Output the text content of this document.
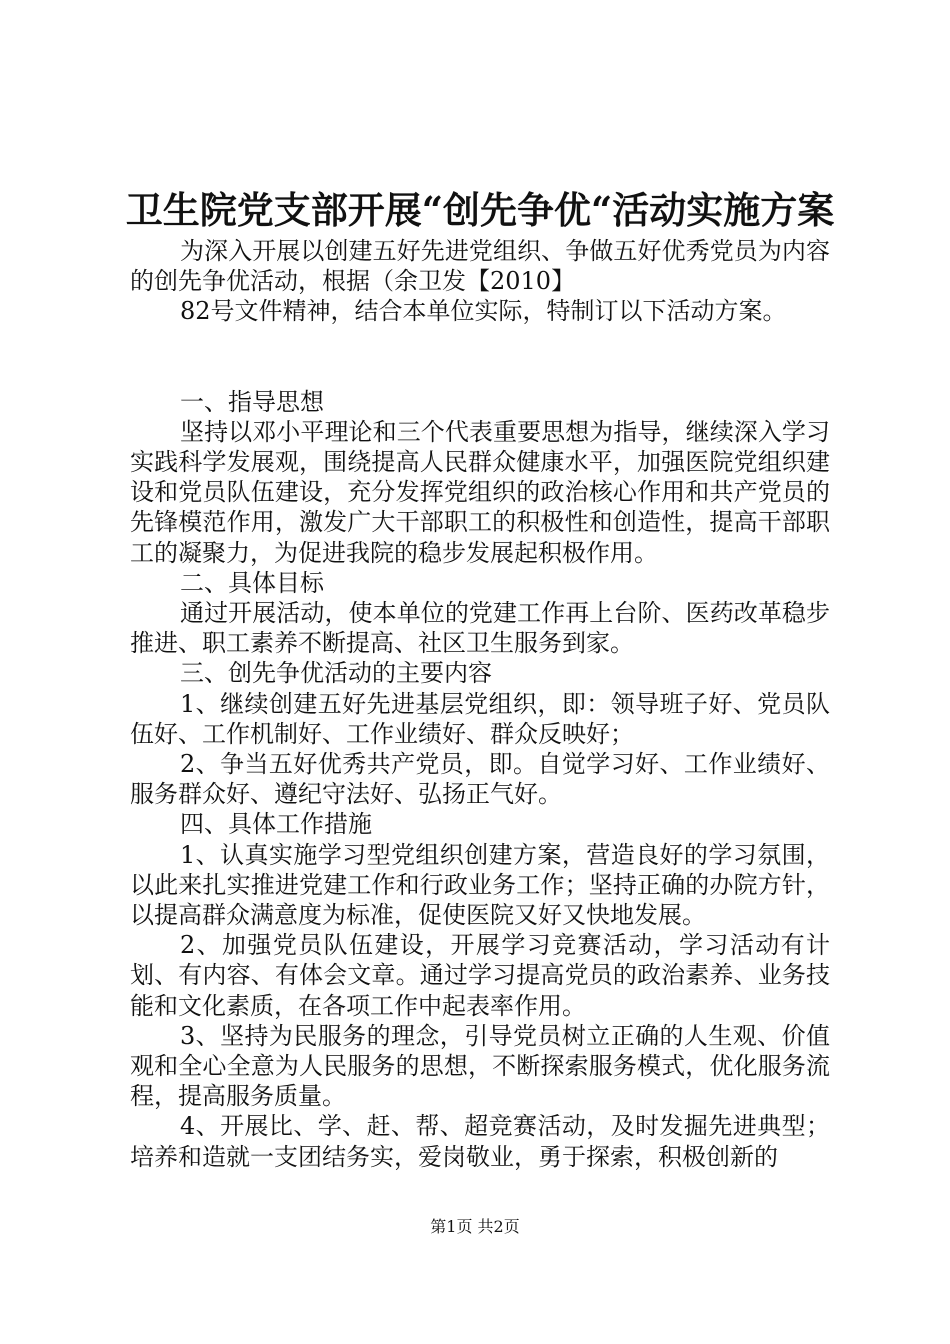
卫生院党支部开展“创先争优“活动实施方案

为深入开展以创建五好先进党组织、争做五好优秀党员为内容的创先争优活动，根据（余卫发【2010】

82号文件精神，结合本单位实际，特制订以下活动方案。

一、指导思想

坚持以邓小平理论和三个代表重要思想为指导，继续深入学习实践科学发展观，围绕提高人民群众健康水平，加强医院党组织建设和党员队伍建设，充分发挥党组织的政治核心作用和共产党员的先锋模范作用，激发广大干部职工的积极性和创造性，提高干部职工的凝聚力，为促进我院的稳步发展起积极作用。

二、具体目标

通过开展活动，使本单位的党建工作再上台阶、医药改革稳步推进、职工素养不断提高、社区卫生服务到家。

三、创先争优活动的主要内容

1、继续创建五好先进基层党组织，即：领导班子好、党员队伍好、工作机制好、工作业绩好、群众反映好；

2、争当五好优秀共产党员，即。自觉学习好、工作业绩好、服务群众好、遵纪守法好、弘扬正气好。

四、具体工作措施

1、认真实施学习型党组织创建方案，营造良好的学习氛围，以此来扎实推进党建工作和行政业务工作；坚持正确的办院方针，以提高群众满意度为标准，促使医院又好又快地发展。

2、加强党员队伍建设，开展学习竞赛活动，学习活动有计划、有内容、有体会文章。通过学习提高党员的政治素养、业务技能和文化素质，在各项工作中起表率作用。

3、坚持为民服务的理念，引导党员树立正确的人生观、价值观和全心全意为人民服务的思想，不断探索服务模式，优化服务流程，提高服务质量。

4、开展比、学、赶、帮、超竞赛活动，及时发掘先进典型；培养和造就一支团结务实，爱岗敬业，勇于探索，积极创新的

第1页 共2页
